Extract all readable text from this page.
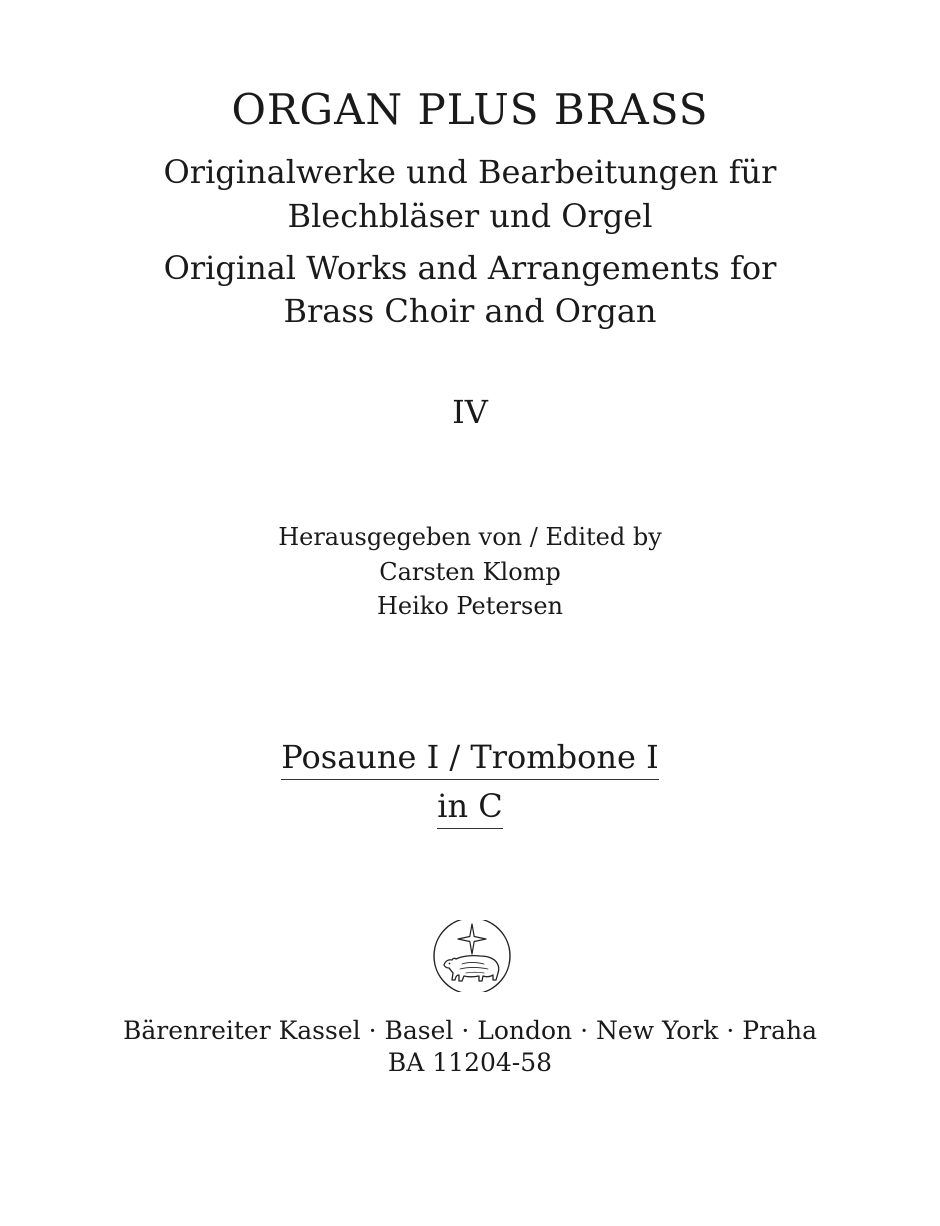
ORGAN PLUS BRASS
Originalwerke und Bearbeitungen für
Blechbläser und Orgel
Original Works and Arrangements for
Brass Choir and Organ
IV
Herausgegeben von / Edited by
Carsten Klomp
Heiko Petersen
Posaune I / Trombone I
in C
Bärenreiter Kassel · Basel · London · New York · Praha
BA 11204-58
